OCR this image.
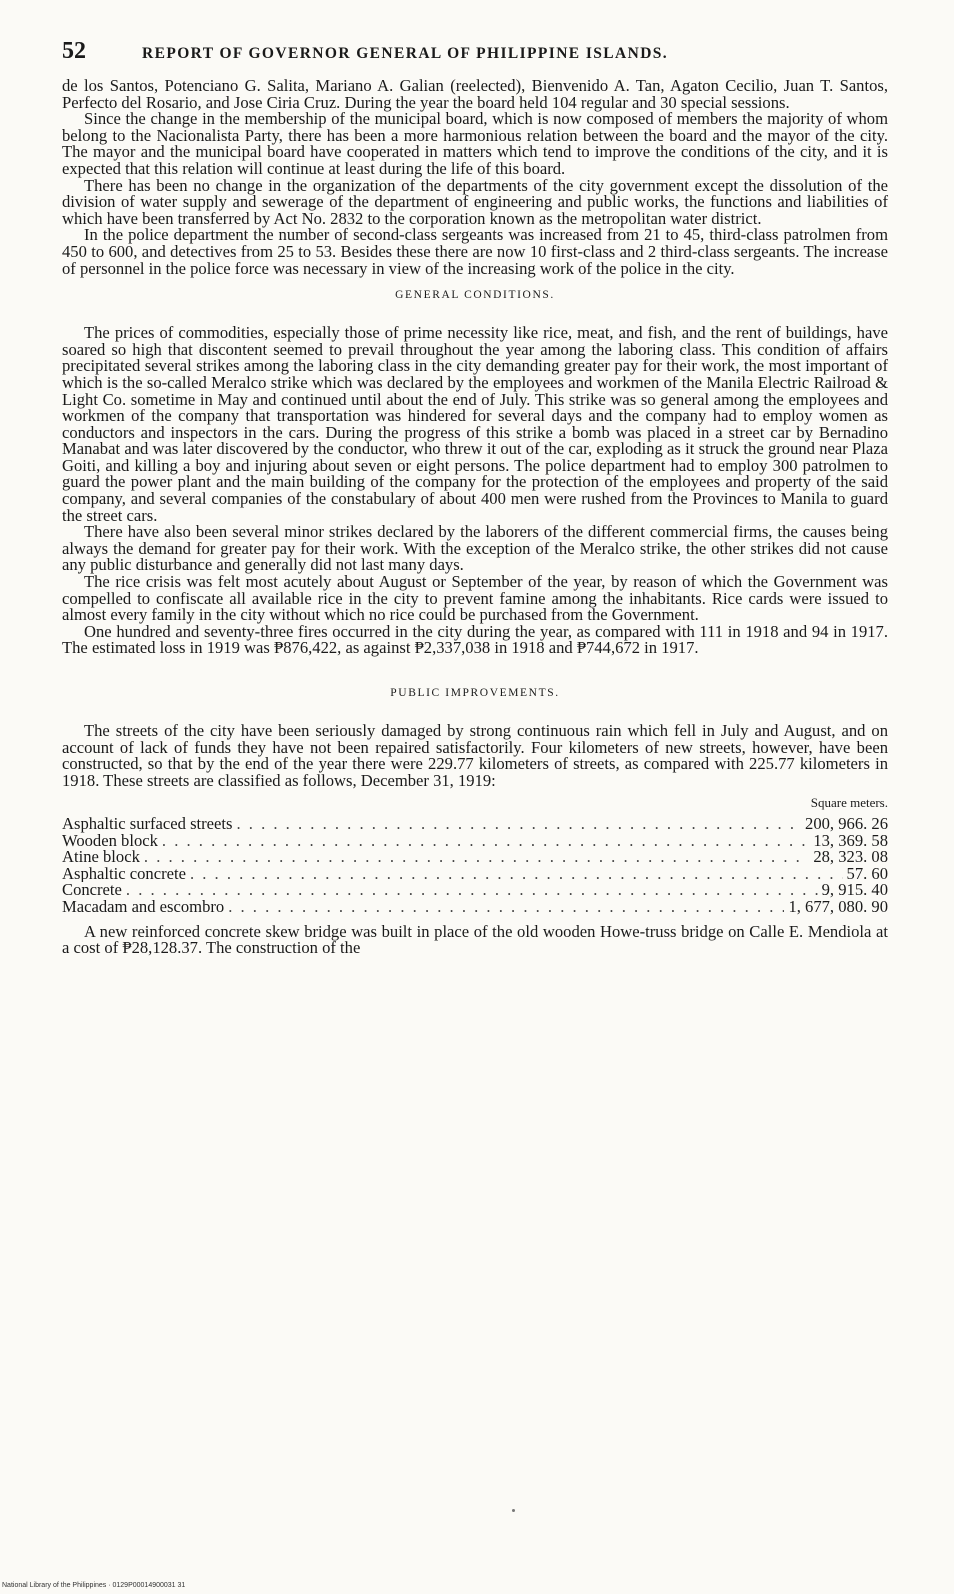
52	REPORT OF GOVERNOR GENERAL OF PHILIPPINE ISLANDS.

de los Santos, Potenciano G. Salita, Mariano A. Galian (reelected), Bienvenido A. Tan, Agaton Cecilio, Juan T. Santos, Perfecto del Rosario, and Jose Ciria Cruz. During the year the board held 104 regular and 30 special sessions.

Since the change in the membership of the municipal board, which is now composed of members the majority of whom belong to the Nacionalista Party, there has been a more harmonious relation between the board and the mayor of the city. The mayor and the municipal board have cooperated in matters which tend to improve the conditions of the city, and it is expected that this relation will continue at least during the life of this board.

There has been no change in the organization of the departments of the city government except the dissolution of the division of water supply and sewerage of the department of engineering and public works, the functions and liabilities of which have been transferred by Act No. 2832 to the corporation known as the metropolitan water district.

In the police department the number of second-class sergeants was increased from 21 to 45, third-class patrolmen from 450 to 600, and detectives from 25 to 53. Besides these there are now 10 first-class and 2 third-class sergeants. The increase of personnel in the police force was necessary in view of the increasing work of the police in the city.

GENERAL CONDITIONS.

The prices of commodities, especially those of prime necessity like rice, meat, and fish, and the rent of buildings, have soared so high that discontent seemed to prevail throughout the year among the laboring class. This condition of affairs precipitated several strikes among the laboring class in the city demanding greater pay for their work, the most important of which is the so-called Meralco strike which was declared by the employees and workmen of the Manila Electric Railroad & Light Co. sometime in May and continued until about the end of July. This strike was so general among the employees and workmen of the company that transportation was hindered for several days and the company had to employ women as conductors and inspectors in the cars. During the progress of this strike a bomb was placed in a street car by Bernadino Manabat and was later discovered by the conductor, who threw it out of the car, exploding as it struck the ground near Plaza Goiti, and killing a boy and injuring about seven or eight persons. The police department had to employ 300 patrolmen to guard the power plant and the main building of the company for the protection of the employees and property of the said company, and several companies of the constabulary of about 400 men were rushed from the Provinces to Manila to guard the street cars.

There have also been several minor strikes declared by the laborers of the different commercial firms, the causes being always the demand for greater pay for their work. With the exception of the Meralco strike, the other strikes did not cause any public disturbance and generally did not last many days.

The rice crisis was felt most acutely about August or September of the year, by reason of which the Government was compelled to confiscate all available rice in the city to prevent famine among the inhabitants. Rice cards were issued to almost every family in the city without which no rice could be purchased from the Government.

One hundred and seventy-three fires occurred in the city during the year, as compared with 111 in 1918 and 94 in 1917. The estimated loss in 1919 was ₱876,422, as against ₱2,337,038 in 1918 and ₱744,672 in 1917.

PUBLIC IMPROVEMENTS.

The streets of the city have been seriously damaged by strong continuous rain which fell in July and August, and on account of lack of funds they have not been repaired satisfactorily. Four kilometers of new streets, however, have been constructed, so that by the end of the year there were 229.77 kilometers of streets, as compared with 225.77 kilometers in 1918. These streets are classified as follows, December 31, 1919:

Square meters.
Asphaltic surfaced streets . . .	200, 966. 26
Wooden block . . .	13, 369. 58
Atine block . . .	28, 323. 08
Asphaltic concrete . . .	57. 60
Concrete . . .	9, 915. 40
Macadam and escombro . . .	1, 677, 080. 90

A new reinforced concrete skew bridge was built in place of the old wooden Howe-truss bridge on Calle E. Mendiola at a cost of ₱28,128.37. The construction of the

National Library of the Philippines · 0129P00014900031 31
